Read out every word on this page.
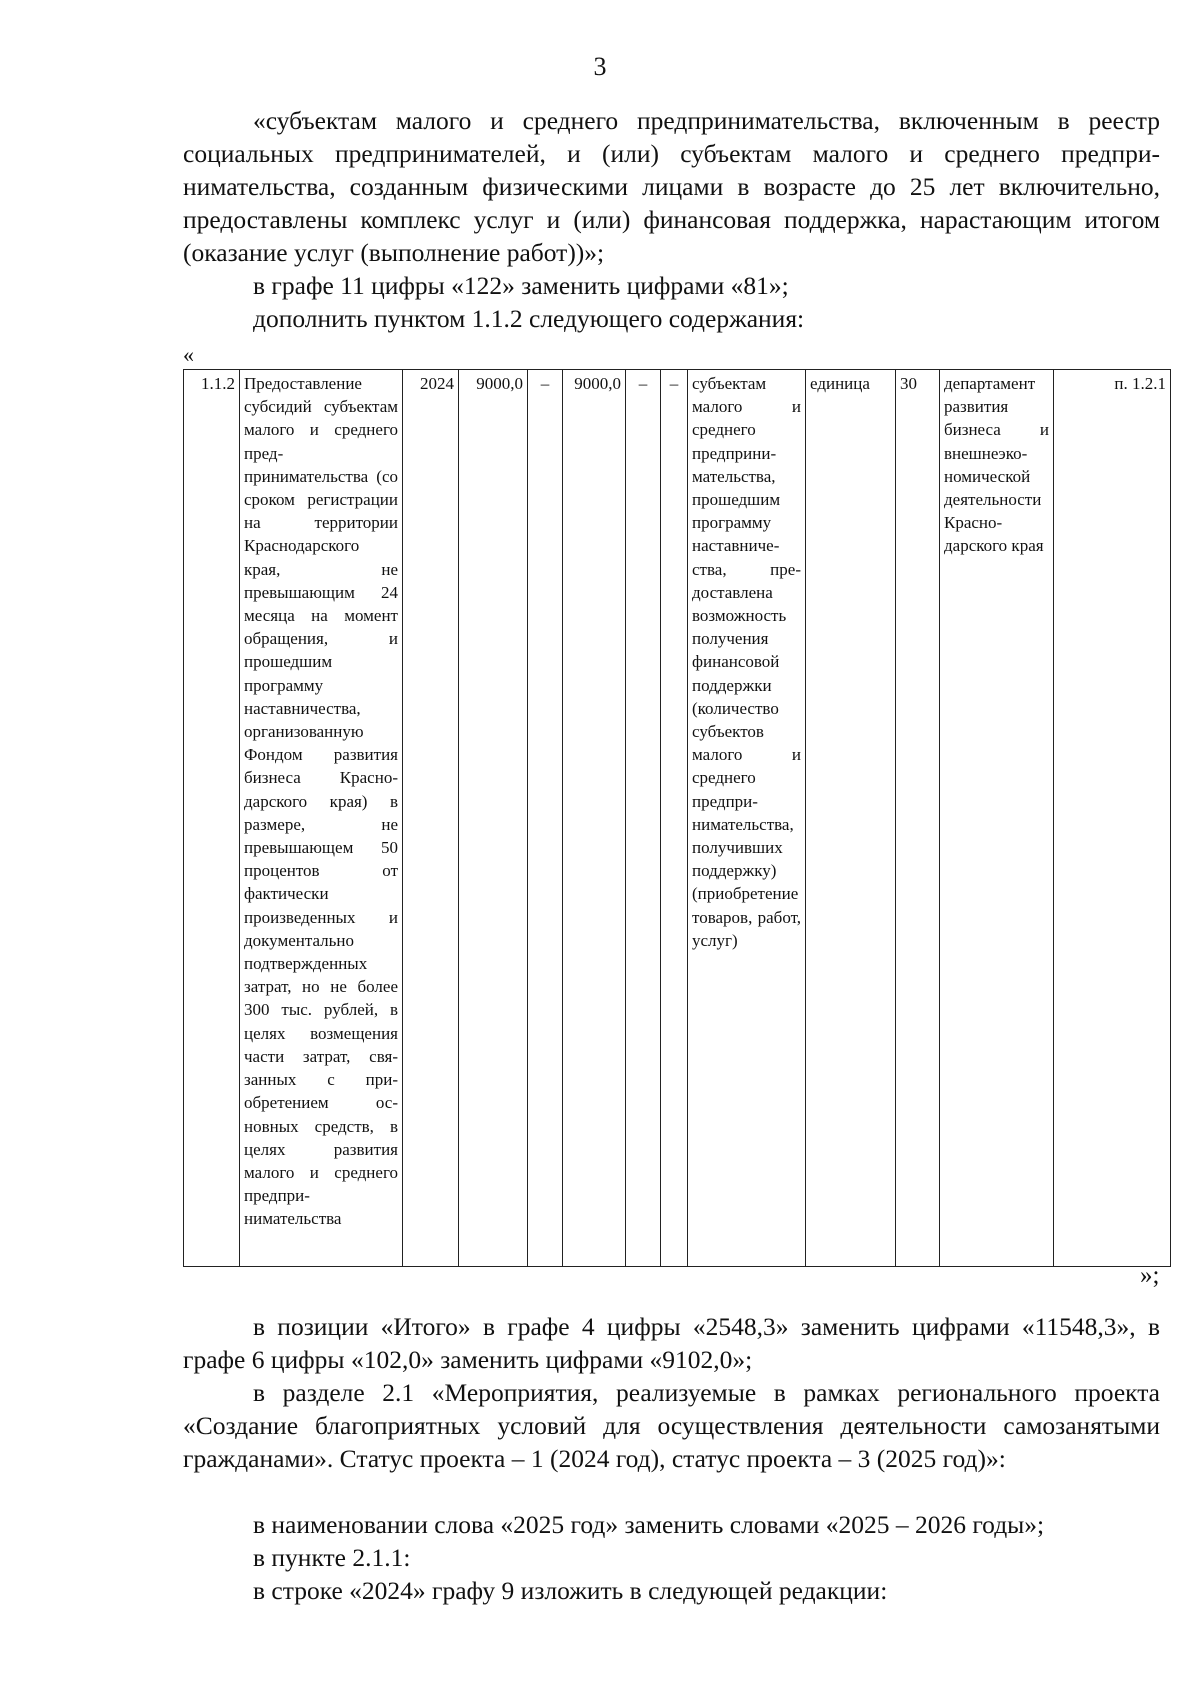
3
«субъектам малого и среднего предпринимательства, включенным в реестр социальных предпринимателей, и (или) субъектам малого и среднего предпринимательства, созданным физическими лицами в возрасте до 25 лет включительно, предоставлены комплекс услуг и (или) финансовая поддержка, нарастающим итогом (оказание услуг (выполнение работ))»;
в графе 11 цифры «122» заменить цифрами «81»;
дополнить пунктом 1.1.2 следующего содержания:
«
1.1.2	Предоставление субсидий субъектам малого и среднего предпринимательства (со сроком регистрации на территории Краснодарского края, не превышающим 24 месяца на момент обращения, и прошедшим программу наставничества, организованную Фондом развития бизнеса Краснодарского края) в размере, не превышающем 50 процентов от фактически произведенных и документально подтвержденных затрат, но не более 300 тыс. рублей, в целях возмещения части затрат, связанных с приобретением основных средств, в целях развития малого и среднего предпринимательства	2024	9000,0	–	9000,0	–	–	субъектам малого и среднего предпринимательства, прошедшим программу наставничества, предоставлена возможность получения финансовой поддержки (количество субъектов малого и среднего предпринимательства, получивших поддержку) (приобретение товаров, работ, услуг)	единица	30	департамент развития бизнеса и внешнеэкономической деятельности Краснодарского края	п. 1.2.1
»;
в позиции «Итого» в графе 4 цифры «2548,3» заменить цифрами «11548,3», в графе 6 цифры «102,0» заменить цифрами «9102,0»;
в разделе 2.1 «Мероприятия, реализуемые в рамках регионального проекта «Создание благоприятных условий для осуществления деятельности самозанятыми гражданами». Статус проекта – 1 (2024 год), статус проекта – 3 (2025 год)»:
в наименовании слова «2025 год» заменить словами «2025 – 2026 годы»;
в пункте 2.1.1:
в строке «2024» графу 9 изложить в следующей редакции:
